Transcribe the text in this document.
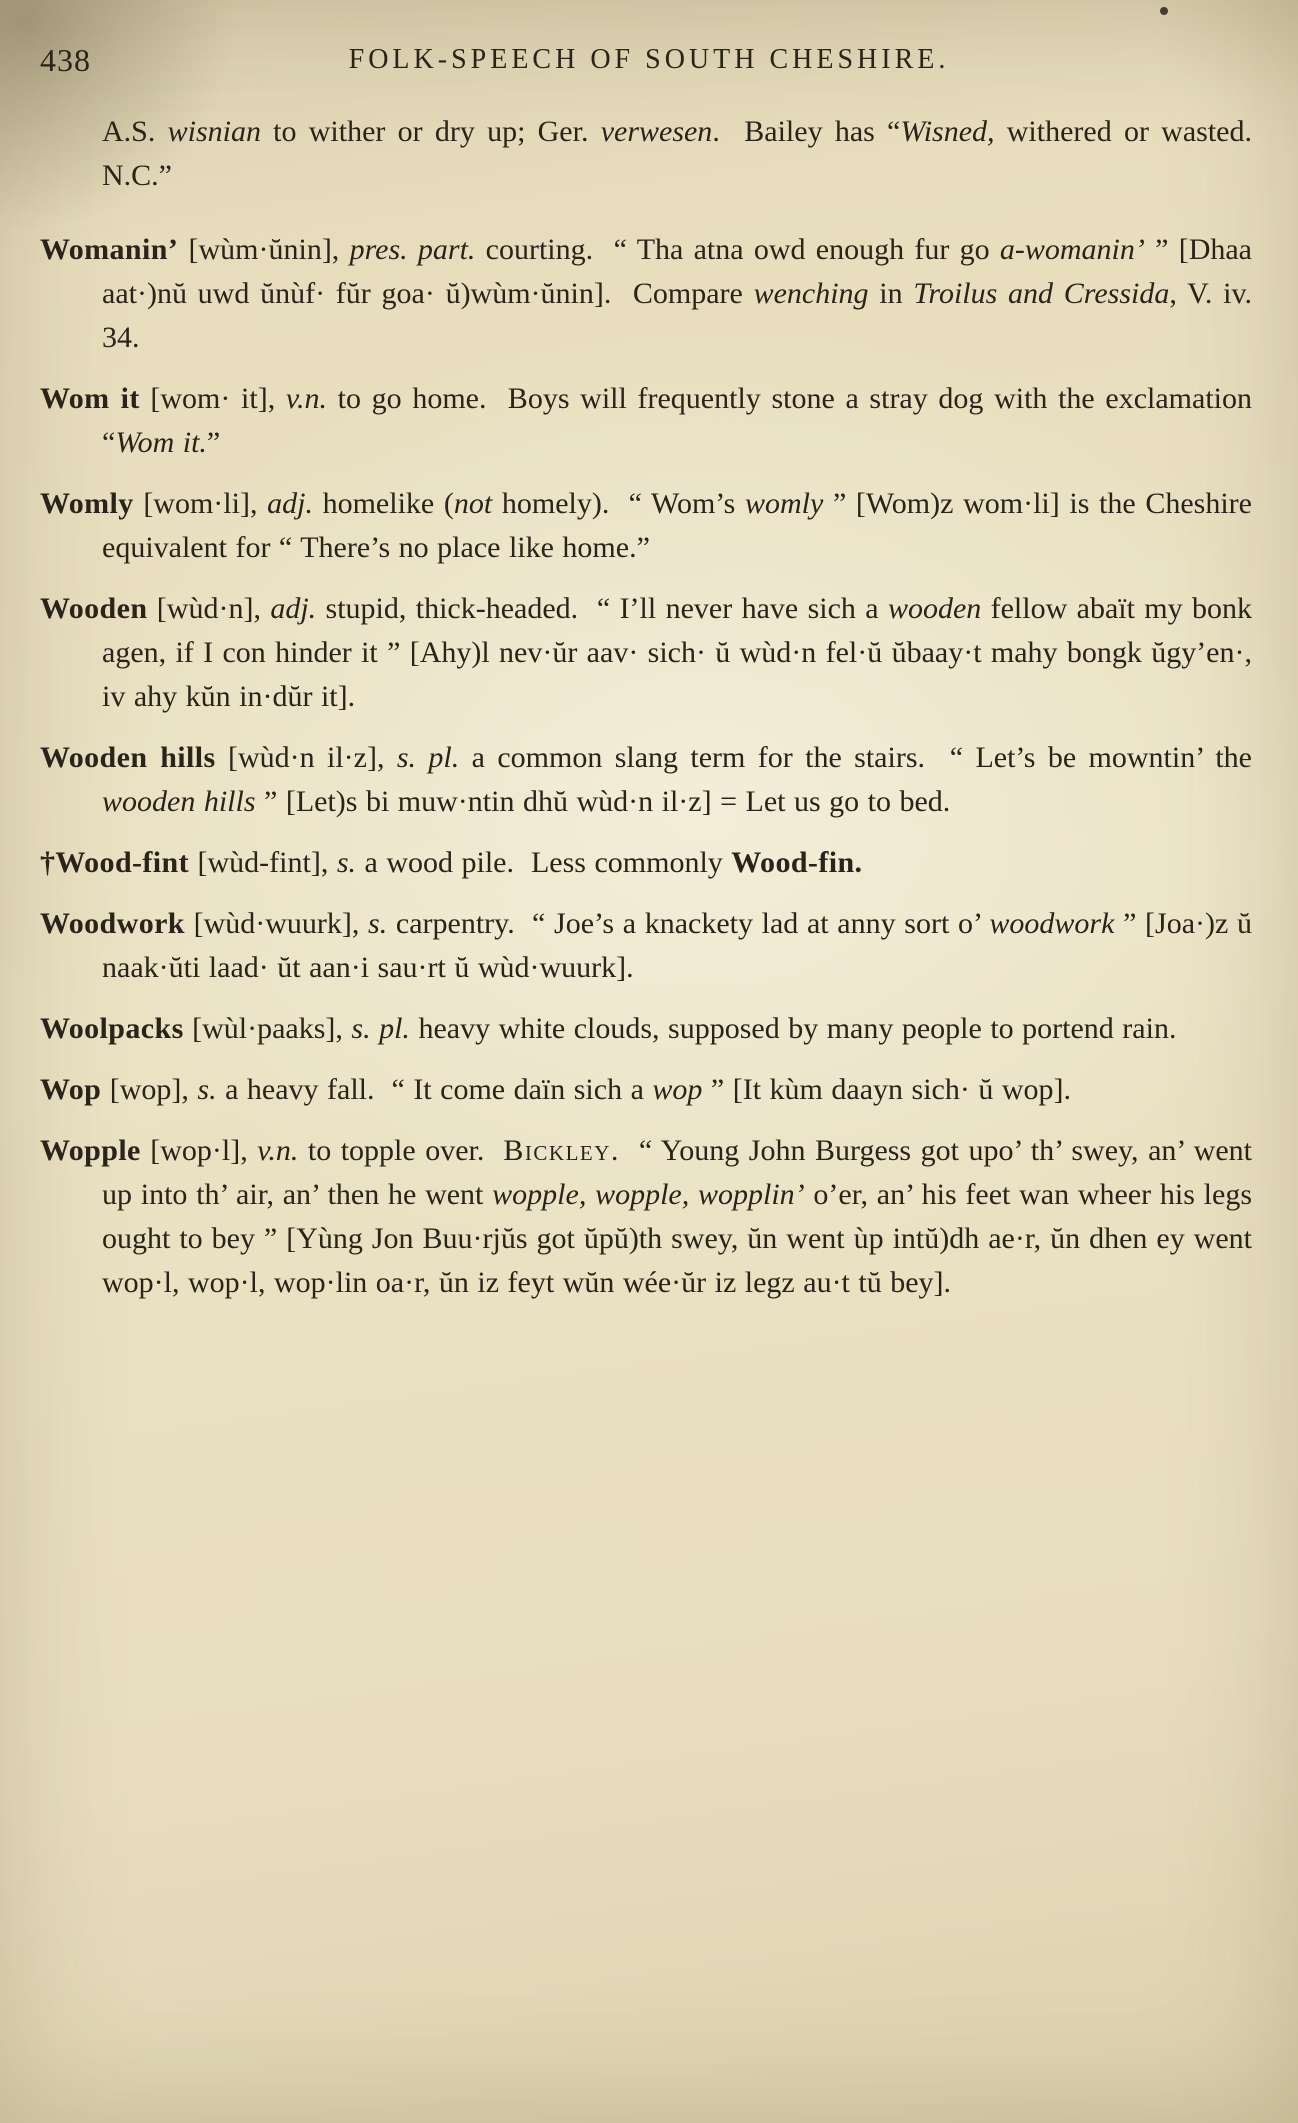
438	FOLK-SPEECH OF SOUTH CHESHIRE.

A.S. wisnian to wither or dry up; Ger. verwesen.  Bailey has “Wisned, withered or wasted.  N.C.”

Womanin’ [wùm·ŭnin], pres. part. courting.  “ Tha atna owd enough fur go a-womanin’ ” [Dhaa aat·)nŭ uwd ŭnùf· fŭr goa· ŭ)wùm·ŭnin].  Compare wenching in Troilus and Cressida, V. iv. 34.

Wom it [wom· it], v.n. to go home.  Boys will frequently stone a stray dog with the exclamation “Wom it.”

Womly [wom·li], adj. homelike (not homely).  “ Wom’s womly ” [Wom)z wom·li] is the Cheshire equivalent for “ There’s no place like home.”

Wooden [wùd·n], adj. stupid, thick-headed.  “ I’ll never have sich a wooden fellow abaït my bonk agen, if I con hinder it ” [Ahy)l nev·ŭr aav· sich· ŭ wùd·n fel·ŭ ŭbaay·t mahy bongk ŭgy’en·, iv ahy kŭn in·dŭr it].

Wooden hills [wùd·n il·z], s. pl. a common slang term for the stairs.  “ Let’s be mowntin’ the wooden hills ” [Let)s bi muw·ntin dhŭ wùd·n il·z] = Let us go to bed.

†Wood-fint [wùd-fint], s. a wood pile.  Less commonly Wood-fin.

Woodwork [wùd·wuurk], s. carpentry.  “ Joe’s a knackety lad at anny sort o’ woodwork ” [Joa·)z ŭ naak·ŭti laad· ŭt aan·i sau·rt ŭ wùd·wuurk].

Woolpacks [wùl·paaks], s. pl. heavy white clouds, supposed by many people to portend rain.

Wop [wop], s. a heavy fall.  “ It come daïn sich a wop ” [It kùm daayn sich· ŭ wop].

Wopple [wop·l], v.n. to topple over.  Bickley.  “ Young John Burgess got upo’ th’ swey, an’ went up into th’ air, an’ then he went wopple, wopple, wopplin’ o’er, an’ his feet wan wheer his legs ought to bey ” [Yùng Jon Buu·rjŭs got ŭpŭ)th swey, ŭn went ùp intŭ)dh ae·r, ŭn dhen ey went wop·l, wop·l, wop·lin oa·r, ŭn iz feyt wŭn wée·ŭr iz legz au·t tŭ bey].
